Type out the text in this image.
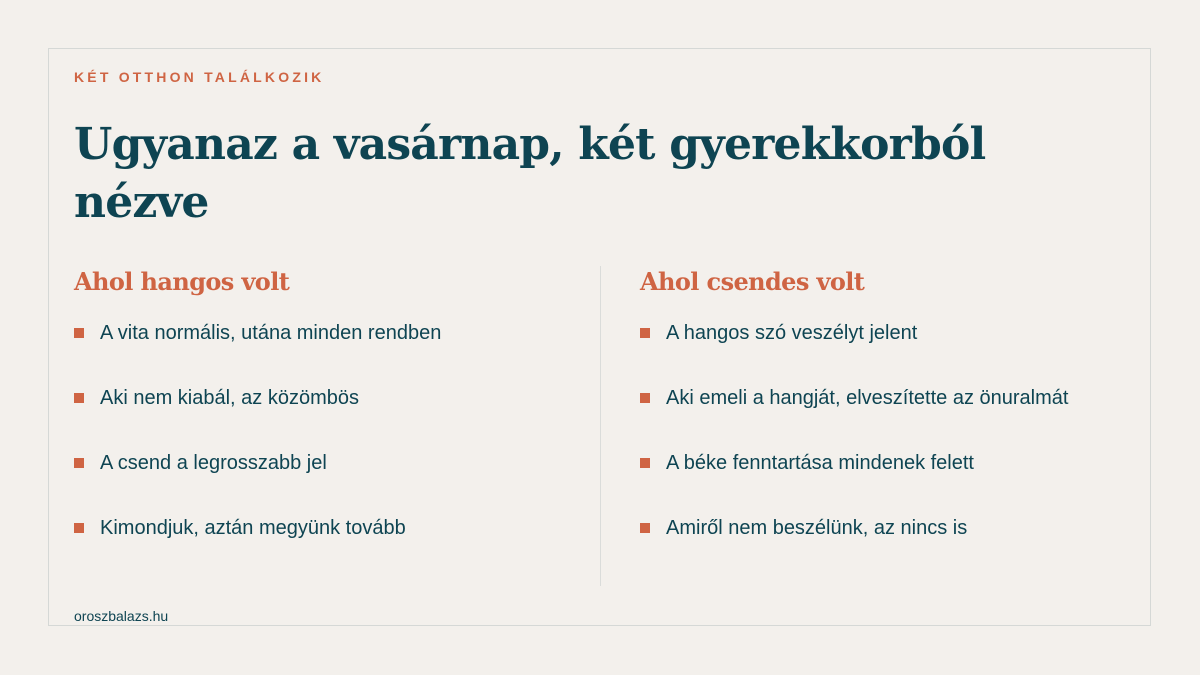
KÉT OTTHON TALÁLKOZIK
Ugyanaz a vasárnap, két gyerekkorból nézve
Ahol hangos volt
A vita normális, utána minden rendben
Aki nem kiabál, az közömbös
A csend a legrosszabb jel
Kimondjuk, aztán megyünk tovább
Ahol csendes volt
A hangos szó veszélyt jelent
Aki emeli a hangját, elveszítette az önuralmát
A béke fenntartása mindenek felett
Amiről nem beszélünk, az nincs is
oroszbalazs.hu
